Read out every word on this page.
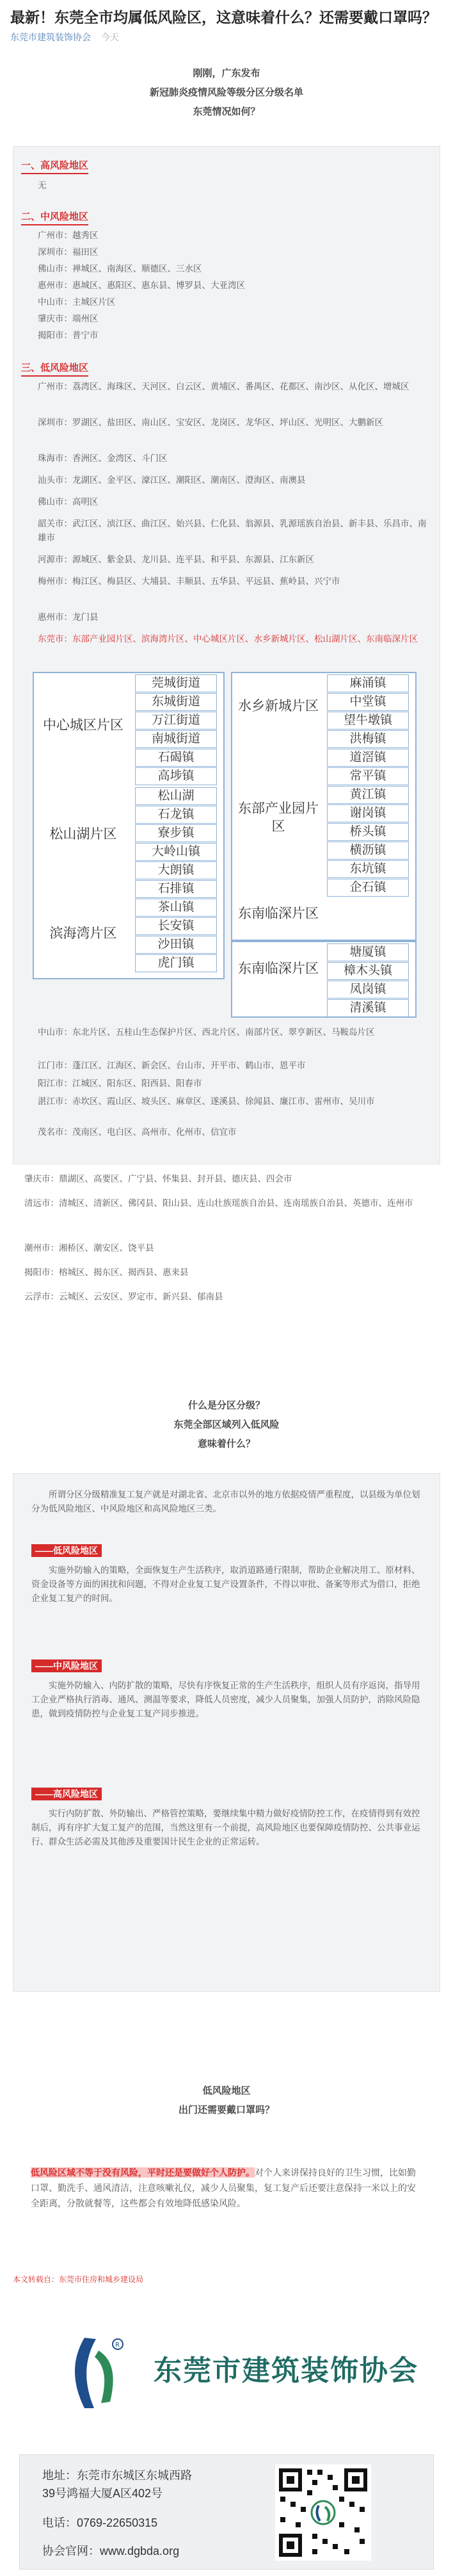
最新！东莞全市均属低风险区，这意味着什么？还需要戴口罩吗？
东莞市建筑装饰协会 今天
刚刚，广东发布
新冠肺炎疫情风险等级分区分级名单
东莞情况如何？
一、高风险地区
无
二、中风险地区
广州市：越秀区
深圳市：福田区
佛山市：禅城区、南海区、顺德区、三水区
惠州市：惠城区、惠阳区、惠东县、博罗县、大亚湾区
中山市：主城区片区
肇庆市：端州区
揭阳市：普宁市
三、低风险地区
广州市：荔湾区、海珠区、天河区、白云区、黄埔区、番禺区、花都区、南沙区、从化区、增城区
深圳市：罗湖区、盐田区、南山区、宝安区、龙岗区、龙华区、坪山区、光明区、大鹏新区
珠海市：香洲区、金湾区、斗门区
汕头市：龙湖区、金平区、濠江区、潮阳区、潮南区、澄海区、南澳县
佛山市：高明区
韶关市：武江区、浈江区、曲江区、始兴县、仁化县、翁源县、乳源瑶族自治县、新丰县、乐昌市、南雄市
河源市：源城区、紫金县、龙川县、连平县、和平县、东源县、江东新区
梅州市：梅江区、梅县区、大埔县、丰顺县、五华县、平远县、蕉岭县、兴宁市
惠州市：龙门县
东莞市：东部产业园片区、滨海湾片区、中心城区片区、水乡新城片区、松山湖片区、东南临深片区
中心城区片区
莞城街道
东城街道
万江街道
南城街道
石碣镇
高埗镇
松山湖片区
松山湖
石龙镇
寮步镇
大岭山镇
大朗镇
石排镇
茶山镇
滨海湾片区
长安镇
沙田镇
虎门镇
水乡新城片区
麻涌镇
中堂镇
望牛墩镇
洪梅镇
道滘镇
东部产业园片区
常平镇
黄江镇
谢岗镇
桥头镇
横沥镇
东坑镇
企石镇
东南临深片区
东南临深片区
塘厦镇
樟木头镇
凤岗镇
清溪镇
中山市：东北片区、五桂山生态保护片区、西北片区、南部片区、翠亨新区、马鞍岛片区
江门市：蓬江区、江海区、新会区、台山市、开平市、鹤山市、恩平市
阳江市：江城区、阳东区、阳西县、阳春市
湛江市：赤坎区、霞山区、坡头区、麻章区、遂溪县、徐闻县、廉江市、雷州市、吴川市
茂名市：茂南区、电白区、高州市、化州市、信宜市
肇庆市：鼎湖区、高要区、广宁县、怀集县、封开县、德庆县、四会市
清远市：清城区、清新区、佛冈县、阳山县、连山壮族瑶族自治县、连南瑶族自治县、英德市、连州市
潮州市：湘桥区、潮安区、饶平县
揭阳市：榕城区、揭东区、揭西县、惠来县
云浮市：云城区、云安区、罗定市、新兴县、郁南县
什么是分区分级？
东莞全部区域列入低风险
意味着什么？
所谓分区分级精准复工复产就是对湖北省、北京市以外的地方依据疫情严重程度，以县级为单位划分为低风险地区、中风险地区和高风险地区三类。
——低风险地区
实施外防输入的策略，全面恢复生产生活秩序，取消道路通行限制，帮助企业解决用工、原材料、资金设备等方面的困扰和问题，不得对企业复工复产设置条件，不得以审批、备案等形式为借口，拒绝企业复工复产的时间。
——中风险地区
实施外防输入、内防扩散的策略，尽快有序恢复正常的生产生活秩序，组织人员有序返岗，指导用工企业严格执行消毒、通风、测温等要求，降低人员密度，减少人员聚集，加强人员防护，消除风险隐患，做到疫情防控与企业复工复产同步推进。
——高风险地区
实行内防扩散、外防输出、严格管控策略，要继续集中精力做好疫情防控工作，在疫情得到有效控制后，再有序扩大复工复产的范围，当然这里有一个前提，高风险地区也要保障疫情防控、公共事业运行、群众生活必需及其他涉及重要国计民生企业的正常运转。
低风险地区
出门还需要戴口罩吗？
低风险区域不等于没有风险，平时还是要做好个人防护。对个人来讲保持良好的卫生习惯，比如勤口罩、勤洗手、通风清洁，注意咳嗽礼仪，减少人员聚集，复工复产后还要注意保持一米以上的安全距离，分散就餐等，这些都会有效地降低感染风险。
本文转载自：东莞市住房和城乡建设局
R
东莞市建筑装饰协会
地址：东莞市东城区东城西路
39号鸿福大厦A区402号
电话：0769-22650315
协会官网：www.dgbda.org
